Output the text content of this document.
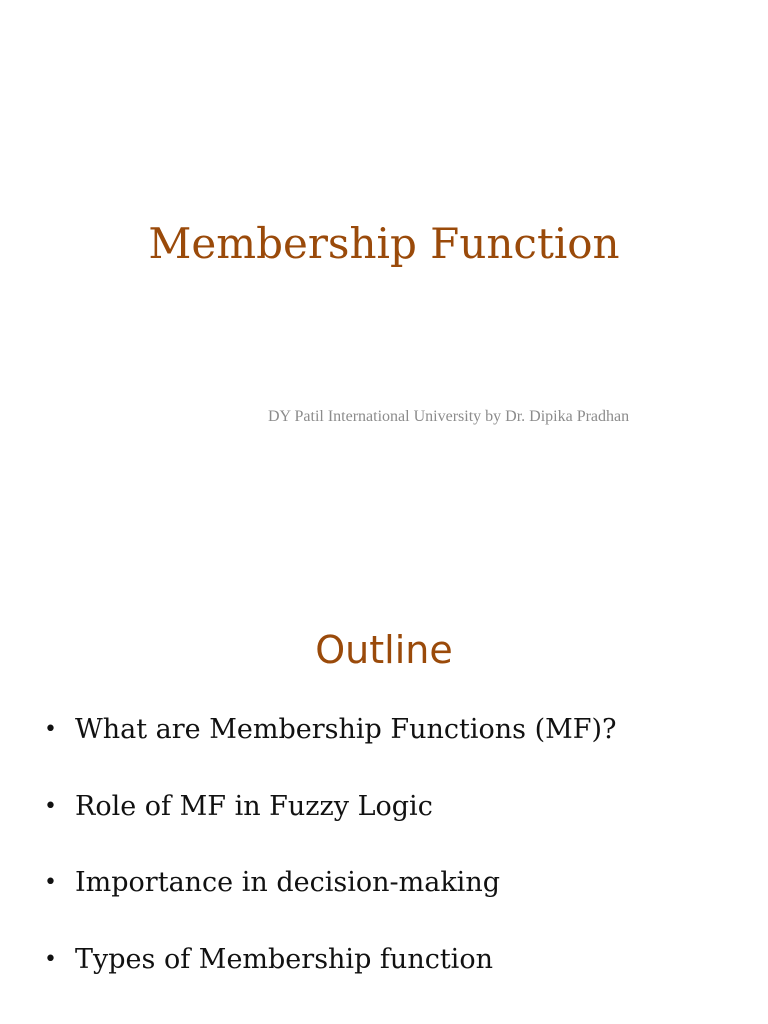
Membership Function
DY Patil International University by Dr. Dipika Pradhan
Outline
• What are Membership Functions (MF)?
• Role of MF in Fuzzy Logic
• Importance in decision-making
• Types of Membership function
